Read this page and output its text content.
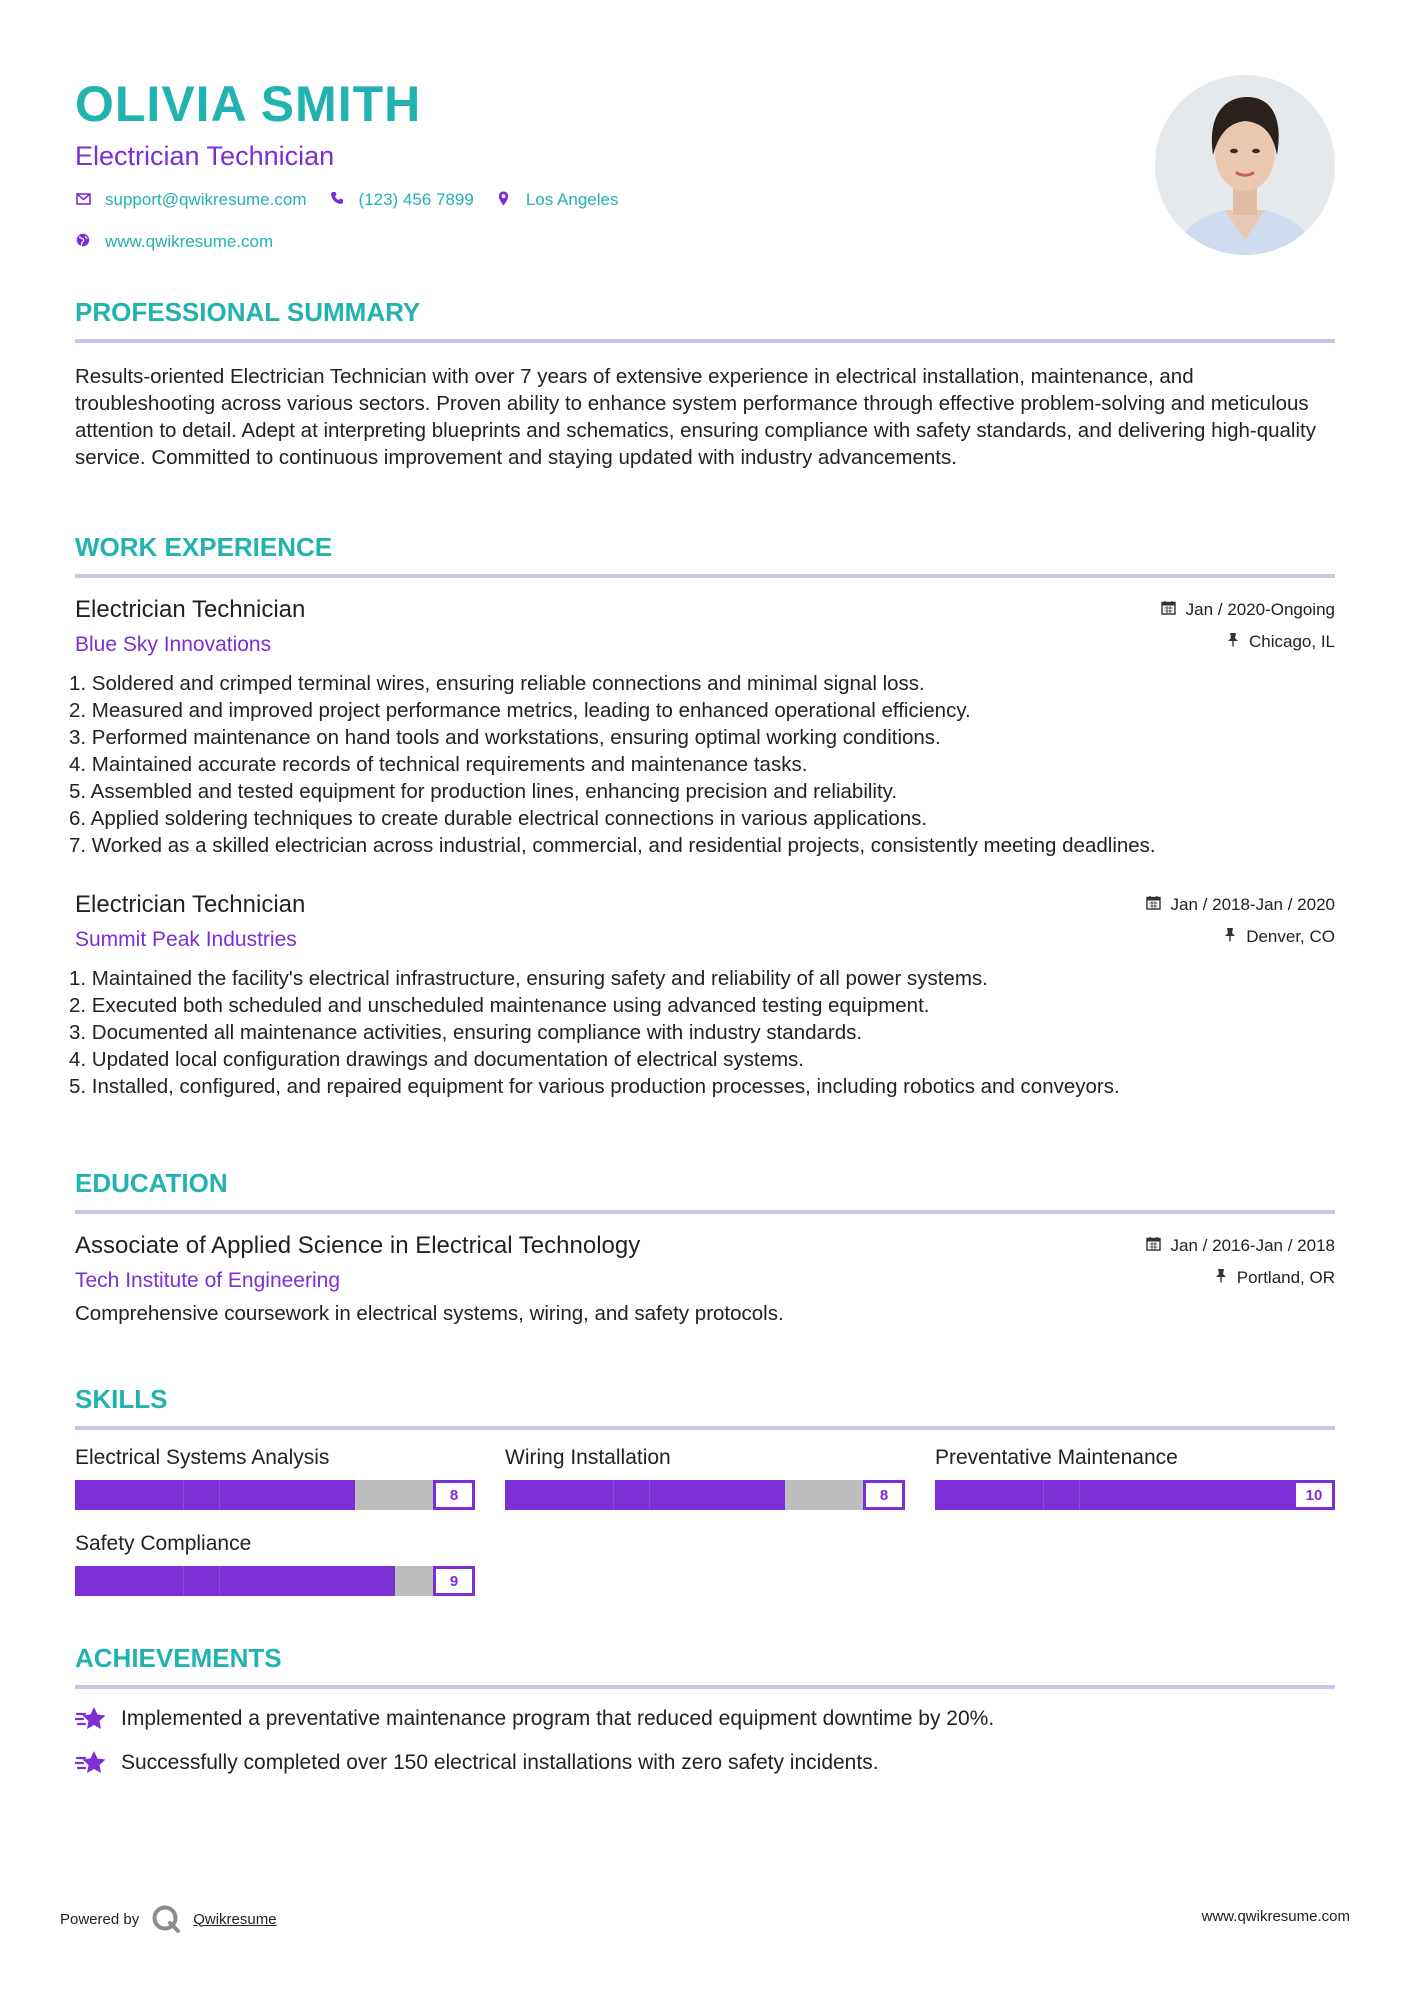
OLIVIA SMITH
Electrician Technician
support@qwikresume.com	(123) 456 7899	Los Angeles
www.qwikresume.com
PROFESSIONAL SUMMARY
Results-oriented Electrician Technician with over 7 years of extensive experience in electrical installation, maintenance, and troubleshooting across various sectors. Proven ability to enhance system performance through effective problem-solving and meticulous attention to detail. Adept at interpreting blueprints and schematics, ensuring compliance with safety standards, and delivering high-quality service. Committed to continuous improvement and staying updated with industry advancements.
WORK EXPERIENCE
Electrician Technician
Blue Sky Innovations
Jan / 2020-Ongoing
Chicago, IL
1. Soldered and crimped terminal wires, ensuring reliable connections and minimal signal loss.
2. Measured and improved project performance metrics, leading to enhanced operational efficiency.
3. Performed maintenance on hand tools and workstations, ensuring optimal working conditions.
4. Maintained accurate records of technical requirements and maintenance tasks.
5. Assembled and tested equipment for production lines, enhancing precision and reliability.
6. Applied soldering techniques to create durable electrical connections in various applications.
7. Worked as a skilled electrician across industrial, commercial, and residential projects, consistently meeting deadlines.
Electrician Technician
Summit Peak Industries
Jan / 2018-Jan / 2020
Denver, CO
1. Maintained the facility's electrical infrastructure, ensuring safety and reliability of all power systems.
2. Executed both scheduled and unscheduled maintenance using advanced testing equipment.
3. Documented all maintenance activities, ensuring compliance with industry standards.
4. Updated local configuration drawings and documentation of electrical systems.
5. Installed, configured, and repaired equipment for various production processes, including robotics and conveyors.
EDUCATION
Associate of Applied Science in Electrical Technology
Tech Institute of Engineering
Jan / 2016-Jan / 2018
Portland, OR
Comprehensive coursework in electrical systems, wiring, and safety protocols.
SKILLS
Electrical Systems Analysis
8
Wiring Installation
8
Preventative Maintenance
10
Safety Compliance
9
ACHIEVEMENTS
Implemented a preventative maintenance program that reduced equipment downtime by 20%.
Successfully completed over 150 electrical installations with zero safety incidents.
Powered by	Qwikresume	www.qwikresume.com
